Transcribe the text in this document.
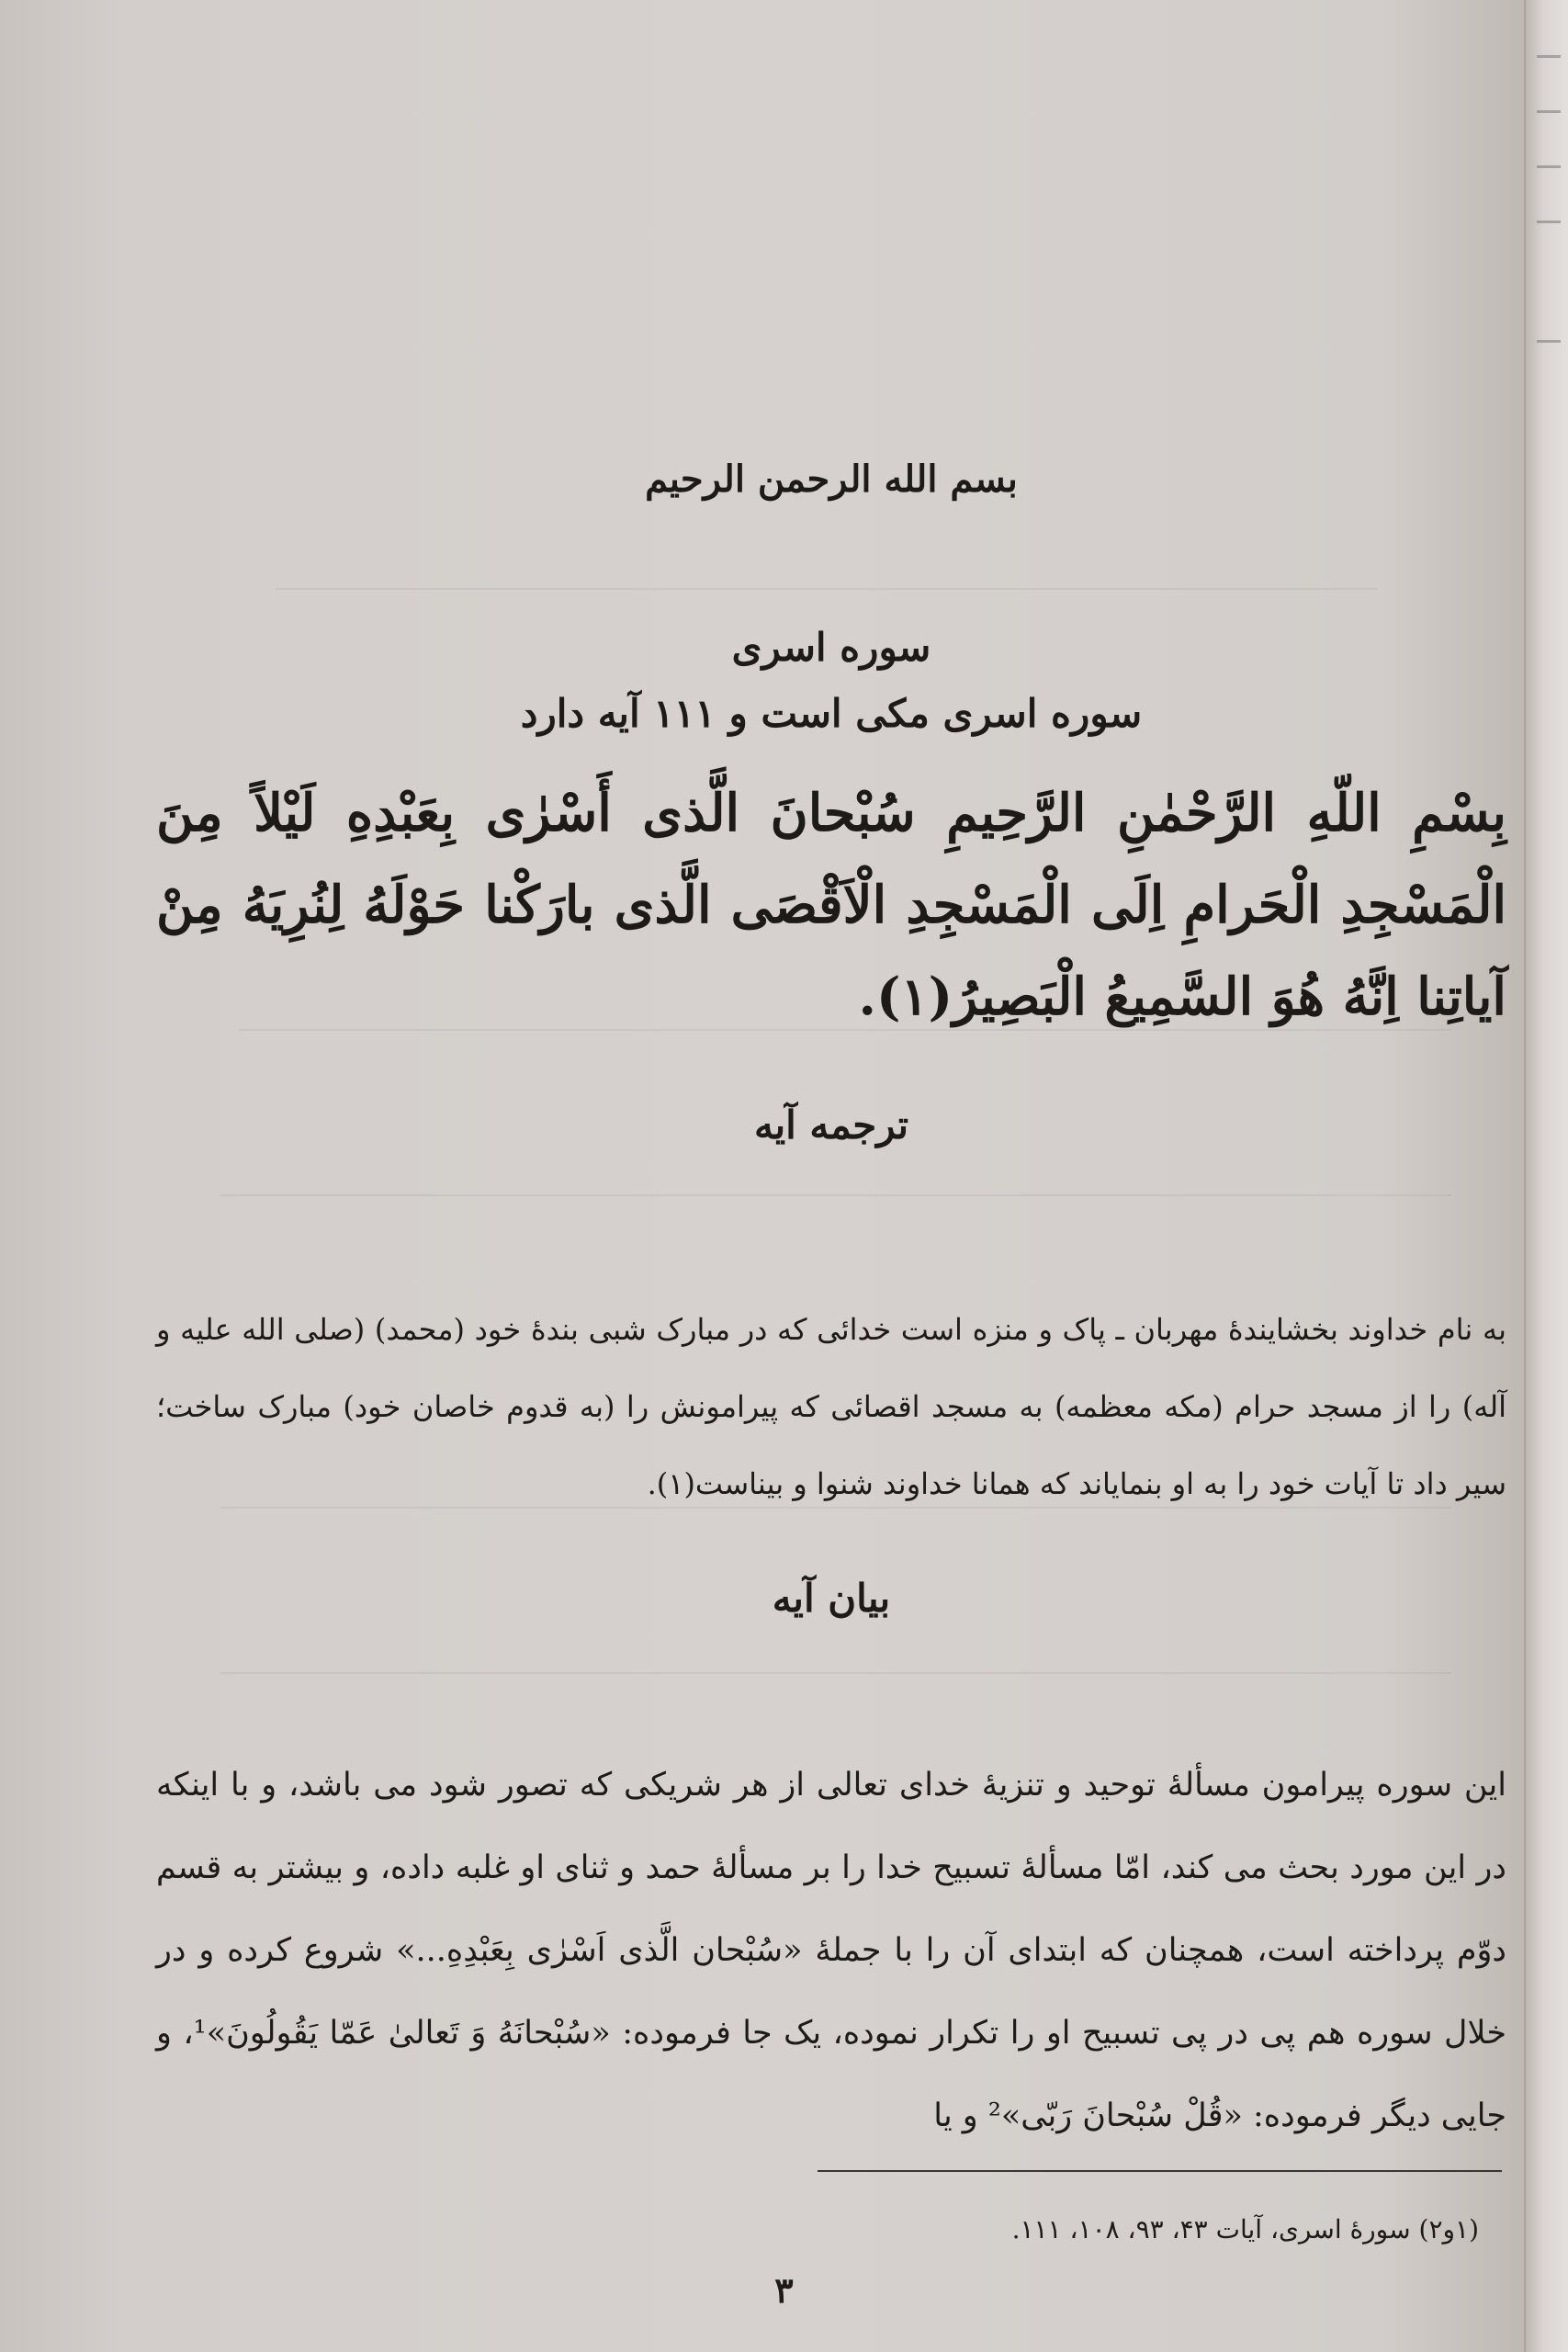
بسم الله الرحمن الرحیم
سوره اسری
سوره اسری مکی است و ۱۱۱ آیه دارد
بِسْمِ اللّهِ الرَّحْمٰنِ الرَّحِیمِ سُبْحانَ الَّذی أَسْرٰی بِعَبْدِهِ لَیْلاً مِنَ الْمَسْجِدِ الْحَرامِ اِلَی الْمَسْجِدِ الْاَقْصَی الَّذی بارَکْنا حَوْلَهُ لِنُرِیَهُ مِنْ آیاتِنا اِنَّهُ هُوَ السَّمِیعُ الْبَصِیرُ(۱).
ترجمه آیه
به نام خداوند بخشایندۀ مهربان ـ پاک و منزه است خدائی که در مبارک شبی بندۀ خود (محمد) (صلی الله علیه و آله) را از مسجد حرام (مکه معظمه) به مسجد اقصائی که پیرامونش را (به قدوم خاصان خود) مبارک ساخت؛ سیر داد تا آیات خود را به او بنمایاند که همانا خداوند شنوا و بیناست(۱).
بیان آیه
این سوره پیرامون مسألۀ توحید و تنزیۀ خدای تعالی از هر شریکی که تصور شود می باشد، و با اینکه در این مورد بحث می کند، امّا مسألۀ تسبیح خدا را بر مسألۀ حمد و ثنای او غلبه داده، و بیشتر به قسم دوّم پرداخته است، همچنان که ابتدای آن را با جملۀ «سُبْحان الَّذی اَسْرٰی بِعَبْدِهِ...» شروع کرده و در خلال سوره هم پی در پی تسبیح او را تکرار نموده، یک جا فرموده: «سُبْحانَهُ وَ تَعالیٰ عَمّا یَقُولُونَ»¹، و جایی دیگر فرموده: «قُلْ سُبْحانَ رَبّی»² و یا
(۱و۲) سورۀ اسری، آیات ۴۳، ۹۳، ۱۰۸، ۱۱۱.
۳
